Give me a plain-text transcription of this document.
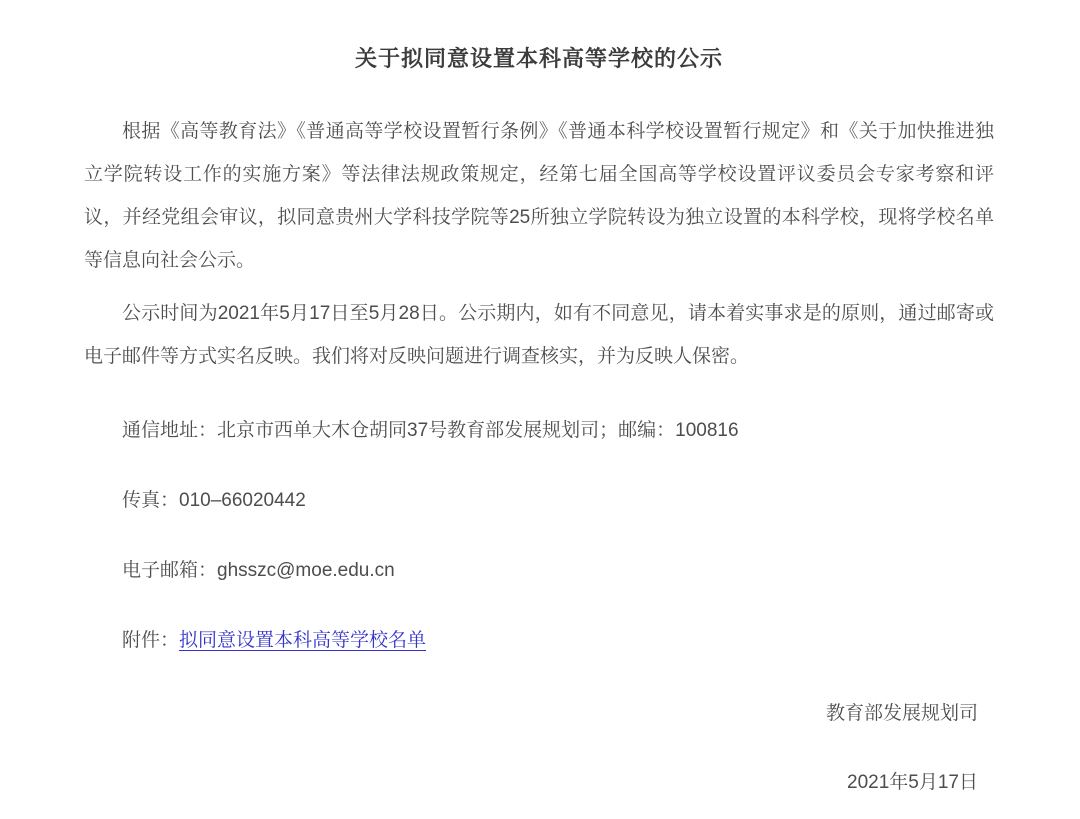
关于拟同意设置本科高等学校的公示

根据《高等教育法》《普通高等学校设置暂行条例》《普通本科学校设置暂行规定》和《关于加快推进独立学院转设工作的实施方案》等法律法规政策规定，经第七届全国高等学校设置评议委员会专家考察和评议，并经党组会审议，拟同意贵州大学科技学院等25所独立学院转设为独立设置的本科学校，现将学校名单等信息向社会公示。

公示时间为2021年5月17日至5月28日。公示期内，如有不同意见，请本着实事求是的原则，通过邮寄或电子邮件等方式实名反映。我们将对反映问题进行调查核实，并为反映人保密。

通信地址：北京市西单大木仓胡同37号教育部发展规划司；邮编：100816

传真：010–66020442

电子邮箱：ghsszc@moe.edu.cn

附件：拟同意设置本科高等学校名单

教育部发展规划司

2021年5月17日
